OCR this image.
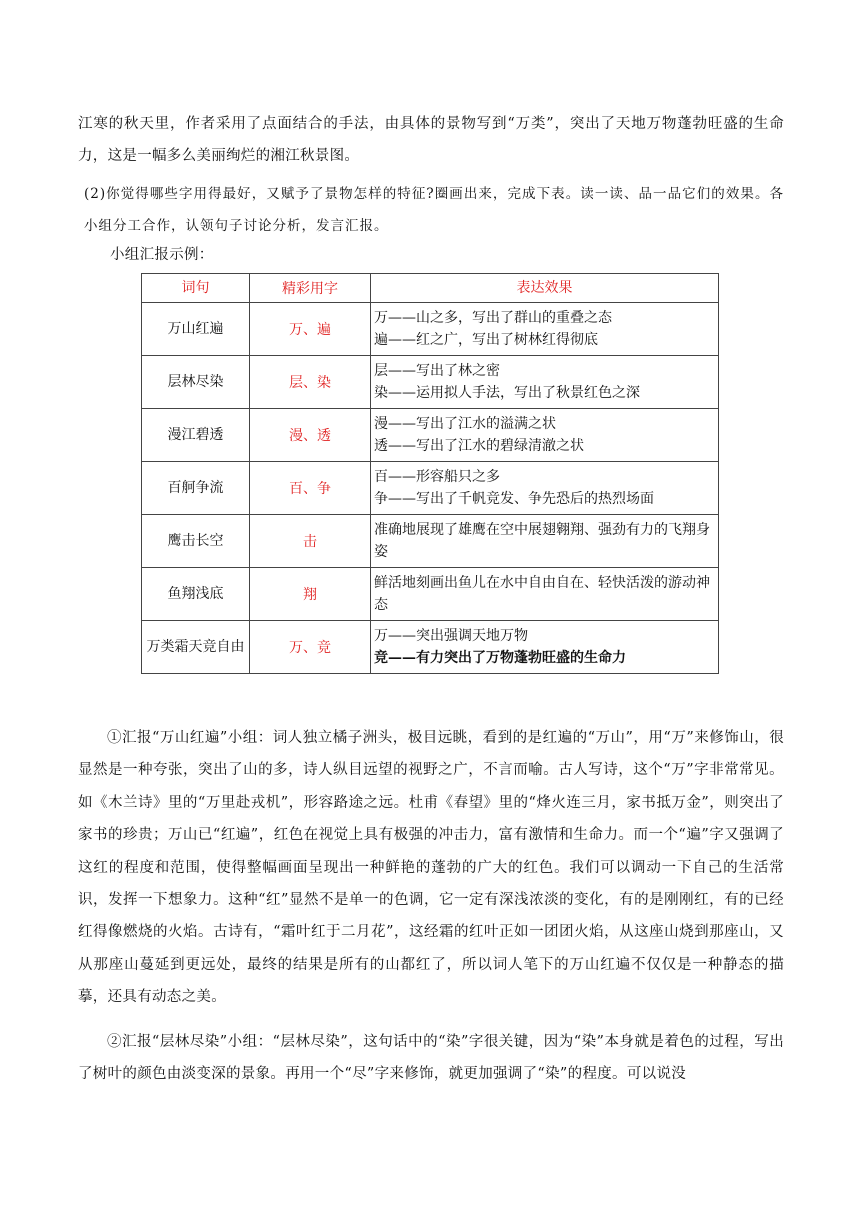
江寒的秋天里，作者采用了点面结合的手法，由具体的景物写到“万类”，突出了天地万物蓬勃旺盛的生命力，这是一幅多么美丽绚烂的湘江秋景图。
(2)你觉得哪些字用得最好，又赋予了景物怎样的特征?圈画出来，完成下表。读一读、品一品它们的效果。各小组分工合作，认领句子讨论分析，发言汇报。
小组汇报示例：
词句	精彩用字	表达效果
万山红遍	万、遍	万——山之多，写出了群山的重叠之态
遍——红之广，写出了树林红得彻底

层林尽染	层、染	层——写出了林之密
染——运用拟人手法，写出了秋景红色之深

漫江碧透	漫、透	漫——写出了江水的溢满之状
透——写出了江水的碧绿清澈之状

百舸争流	百、争	百——形容船只之多
争——写出了千帆竞发、争先恐后的热烈场面

鹰击长空	击	准确地展现了雄鹰在空中展翅翱翔、强劲有力的飞翔身姿
鱼翔浅底	翔	鲜活地刻画出鱼儿在水中自由自在、轻快活泼的游动神态
万类霜天竞自由	万、竞	万——突出强调天地万物
竞——有力突出了万物蓬勃旺盛的生命力
①汇报“万山红遍”小组：词人独立橘子洲头，极目远眺，看到的是红遍的“万山”，用“万”来修饰山，很显然是一种夸张，突出了山的多，诗人纵目远望的视野之广，不言而喻。古人写诗，这个“万”字非常常见。如《木兰诗》里的“万里赴戎机”，形容路途之远。杜甫《春望》里的“烽火连三月，家书抵万金”，则突出了家书的珍贵；万山已“红遍”，红色在视觉上具有极强的冲击力，富有激情和生命力。而一个“遍”字又强调了这红的程度和范围，使得整幅画面呈现出一种鲜艳的蓬勃的广大的红色。我们可以调动一下自己的生活常识，发挥一下想象力。这种“红”显然不是单一的色调，它一定有深浅浓淡的变化，有的是刚刚红，有的已经红得像燃烧的火焰。古诗有，“霜叶红于二月花”，这经霜的红叶正如一团团火焰，从这座山烧到那座山，又从那座山蔓延到更远处，最终的结果是所有的山都红了，所以词人笔下的万山红遍不仅仅是一种静态的描摹，还具有动态之美。
②汇报“层林尽染”小组：“层林尽染”，这句话中的“染”字很关键，因为“染”本身就是着色的过程，写出了树叶的颜色由淡变深的景象。再用一个“尽”字来修饰，就更加强调了“染”的程度。可以说没
